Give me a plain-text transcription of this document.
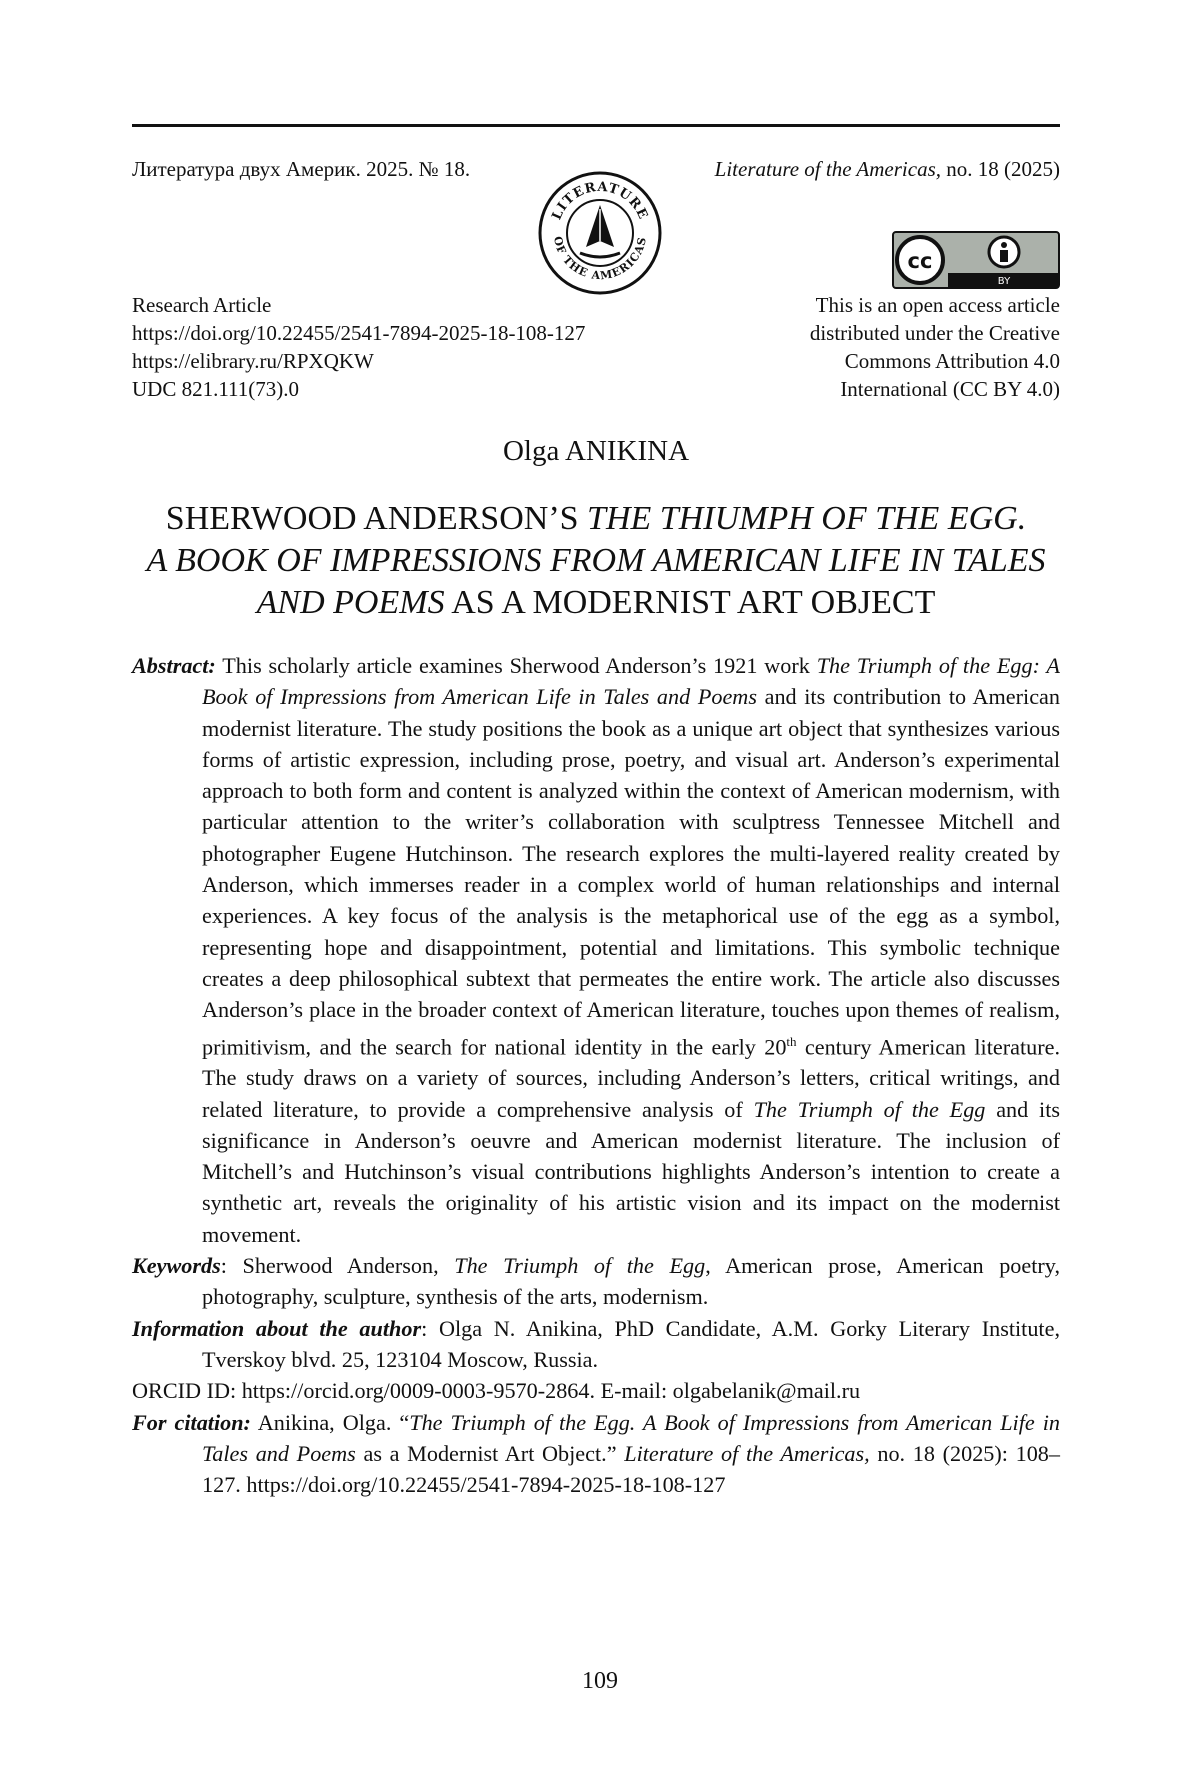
Литература двух Америк. 2025. № 18.	Literature of the Americas, no. 18 (2025)
LITERATURE
OF THE AMERICAS
BY
cc
Research Article
https://doi.org/10.22455/2541-7894-2025-18-108-127
https://elibrary.ru/RPXQKW
UDC 821.111(73).0
This is an open access article
distributed under the Creative
Commons Attribution 4.0
International (CC BY 4.0)
Olga ANIKINA
SHERWOOD ANDERSON’S THE THIUMPH OF THE EGG.
A BOOK OF IMPRESSIONS FROM AMERICAN LIFE IN TALES
AND POEMS AS A MODERNIST ART OBJECT

Abstract: This scholarly article examines Sherwood Anderson’s 1921 work The Triumph of the Egg: A Book of Impressions from American Life in Tales and Poems and its contribution to American modernist literature. The study positions the book as a unique art object that synthesizes various forms of artistic expression, including prose, poetry, and visual art. Anderson’s experimental approach to both form and content is analyzed within the context of American modernism, with particular attention to the writer’s collaboration with sculptress Tennessee Mitchell and photographer Eugene Hutchinson. The research explores the multi-layered reality created by Anderson, which immerses reader in a complex world of human relationships and internal experiences. A key focus of the analysis is the metaphorical use of the egg as a symbol, representing hope and disappointment, potential and limitations. This symbolic technique creates a deep philosophical subtext that permeates the entire work. The article also discusses Anderson’s place in the broader context of American literature, touches upon themes of realism, primitivism, and the search for national identity in the early 20th century American literature. The study draws on a variety of sources, including Anderson’s letters, critical writings, and related literature, to provide a comprehensive analysis of The Triumph of the Egg and its significance in Anderson’s oeuvre and American modernist literature. The inclusion of Mitchell’s and Hutchinson’s visual contributions highlights Anderson’s intention to create a synthetic art, reveals the originality of his artistic vision and its impact on the modernist movement.

Keywords: Sherwood Anderson, The Triumph of the Egg, American prose, American poetry, photography, sculpture, synthesis of the arts, modernism.

Information about the author: Olga N. Anikina, PhD Candidate, A.M. Gorky Literary Institute, Tverskoy blvd. 25, 123104 Moscow, Russia.
ORCID ID: https://orcid.org/0009-0003-9570-2864. E-mail: olgabelanik@mail.ru

For citation: Anikina, Olga. “The Triumph of the Egg. A Book of Impressions from American Life in Tales and Poems as a Modernist Art Object.” Literature of the Americas, no. 18 (2025): 108–127. https://doi.org/10.22455/2541-7894-2025-18-108-127

109
